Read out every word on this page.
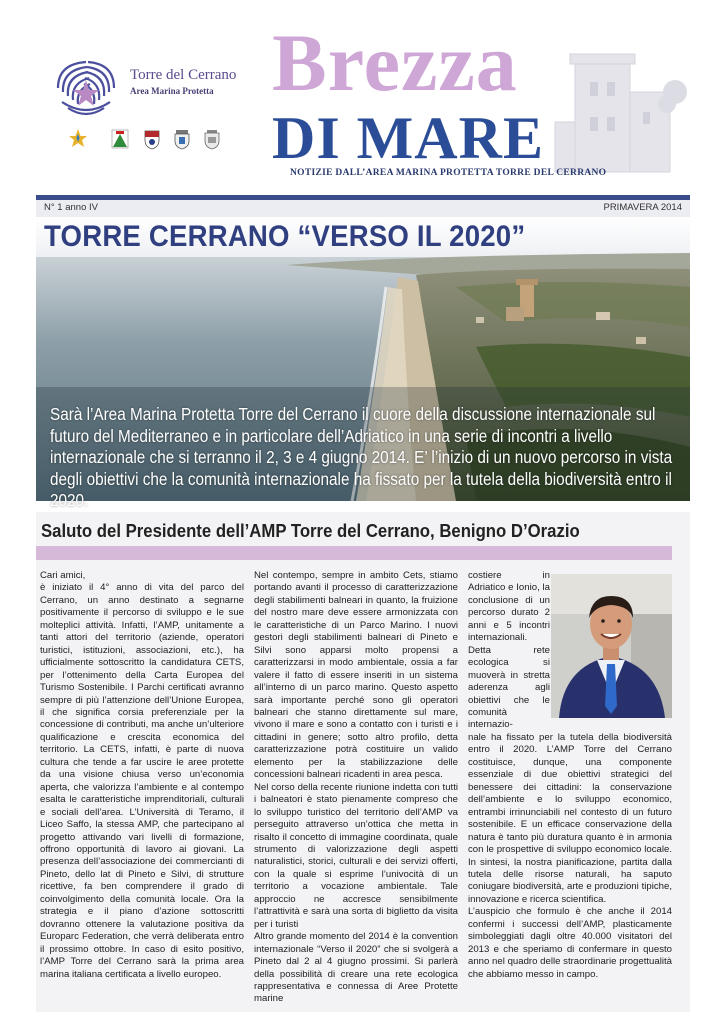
Torre del Cerrano
Area Marina Protetta Brezza
DI MARE
NOTIZIE DALL’AREA MARINA PROTETTA TORRE DEL CERRANO
N° 1 anno IV	PRIMAVERA 2014
TORRE CERRANO “VERSO IL 2020”
Sarà l’Area Marina Protetta Torre del Cerrano il cuore della discussione internazionale sul futuro del Mediterraneo e in particolare dell’Adriatico in una serie di incontri a livello internazionale che si terranno il 2, 3 e 4 giugno 2014. E’ l’inizio di un nuovo percorso in vista degli obiettivi che la comunità internazionale ha fissato per la tutela della biodiversità entro il 2020.
Saluto del Presidente dell’AMP Torre del Cerrano, Benigno D’Orazio

Cari amici,
è iniziato il 4° anno di vita del parco del Cerrano, un anno destinato a segnarne positivamente il percorso di sviluppo e le sue molteplici attività. Infatti, l’AMP, unitamente a tanti attori del territorio (aziende, operatori turistici, istituzioni, associazioni, etc.), ha ufficialmente sottoscritto la candidatura CETS, per l’ottenimento della Carta Europea del Turismo Sostenibile. I Parchi certificati avranno sempre di più l’attenzione dell’Unione Europea, il che significa corsia preferenziale per la concessione di contributi, ma anche un’ulteriore qualificazione e crescita economica del territorio. La CETS, infatti, è parte di nuova cultura che tende a far uscire le aree protette da una visione chiusa verso un’economia aperta, che valorizza l’ambiente e al contempo esalta le caratteristiche imprenditoriali, culturali e sociali dell’area. L’Università di Teramo, il Liceo Saffo, la stessa AMP, che partecipano al progetto attivando vari livelli di formazione, offrono opportunità di lavoro ai giovani. La presenza dell’associazione dei commercianti di Pineto, dello lat di Pineto e Silvi, di strutture ricettive, fa ben comprendere il grado di coinvolgimento della comunità locale. Ora la strategia e il piano d’azione sottoscritti dovranno ottenere la valutazione positiva da Europarc Federation, che verrà deliberata entro il prossimo ottobre. In caso di esito positivo, l’AMP Torre del Cerrano sarà la prima area marina italiana certificata a livello europeo.

Nel contempo, sempre in ambito Cets, stiamo portando avanti il processo di caratterizzazione degli stabilimenti balneari in quanto, la fruizione del nostro mare deve essere armonizzata con le caratteristiche di un Parco Marino. I nuovi gestori degli stabilimenti balneari di Pineto e Silvi sono apparsi molto propensi a caratterizzarsi in modo ambientale, ossia a far valere il fatto di essere inseriti in un sistema all’interno di un parco marino. Questo aspetto sarà importante perché sono gli operatori balneari che stanno direttamente sul mare, vivono il mare e sono a contatto con i turisti e i cittadini in genere; sotto altro profilo, detta caratterizzazione potrà costituire un valido elemento per la stabilizzazione delle concessioni balneari ricadenti in area pesca.
Nel corso della recente riunione indetta con tutti i balneatori è stato pienamente compreso che lo sviluppo turistico del territorio dell’AMP va perseguito attraverso un’ottica che metta in risalto il concetto di immagine coordinata, quale strumento di valorizzazione degli aspetti naturalistici, storici, culturali e dei servizi offerti, con la quale si esprime l’univocità di un territorio a vocazione ambientale. Tale approccio ne accresce sensibilmente l’attrattività e sarà una sorta di biglietto da visita per i turisti
Altro grande momento del 2014 è la convention internazionale “Verso il 2020” che si svolgerà a Pineto dal 2 al 4 giugno prossimi. Si parlerà della possibilità di creare una rete ecologica rappresentativa e connessa di Aree Protette marine

costiere in Adriatico e Ionio, la conclusione di un percorso durato 2 anni e 5 incontri internazionali.
Detta rete ecologica si muoverà in stretta aderenza agli obiettivi che le comunità internazio-

nale ha fissato per la tutela della biodiversità entro il 2020. L’AMP Torre del Cerrano costituisce, dunque, una componente essenziale di due obiettivi strategici del benessere dei cittadini: la conservazione dell’ambiente e lo sviluppo economico, entrambi irrinunciabili nel contesto di un futuro sostenibile. E un efficace conservazione della natura è tanto più duratura quanto è in armonia con le prospettive di sviluppo economico locale. In sintesi, la nostra pianificazione, partita dalla tutela delle risorse naturali, ha saputo coniugare biodiversità, arte e produzioni tipiche, innovazione e ricerca scientifica.
L’auspicio che formulo è che anche il 2014 confermi i successi dell’AMP, plasticamente simboleggiati dagli oltre 40.000 visitatori del 2013 e che speriamo di confermare in questo anno nel quadro delle straordinarie progettualità che abbiamo messo in campo.
